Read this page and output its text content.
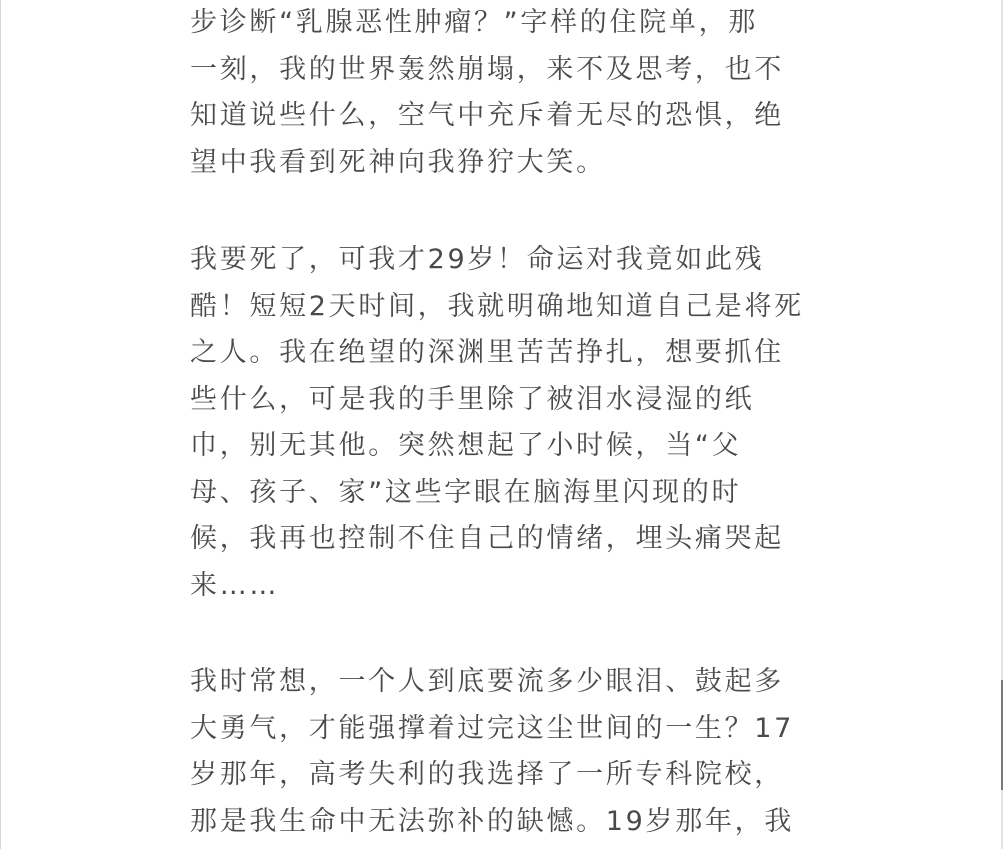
步诊断“乳腺恶性肿瘤？”字样的住院单，那
一刻，我的世界轰然崩塌，来不及思考，也不
知道说些什么，空气中充斥着无尽的恐惧，绝
望中我看到死神向我狰狞大笑。

我要死了，可我才29岁！命运对我竟如此残
酷！短短2天时间，我就明确地知道自己是将死
之人。我在绝望的深渊里苦苦挣扎，想要抓住
些什么，可是我的手里除了被泪水浸湿的纸
巾，别无其他。突然想起了小时候，当“父
母、孩子、家”这些字眼在脑海里闪现的时
候，我再也控制不住自己的情绪，埋头痛哭起
来……

我时常想，一个人到底要流多少眼泪、鼓起多
大勇气，才能强撑着过完这尘世间的一生？17
岁那年，高考失利的我选择了一所专科院校，
那是我生命中无法弥补的缺憾。19岁那年，我
